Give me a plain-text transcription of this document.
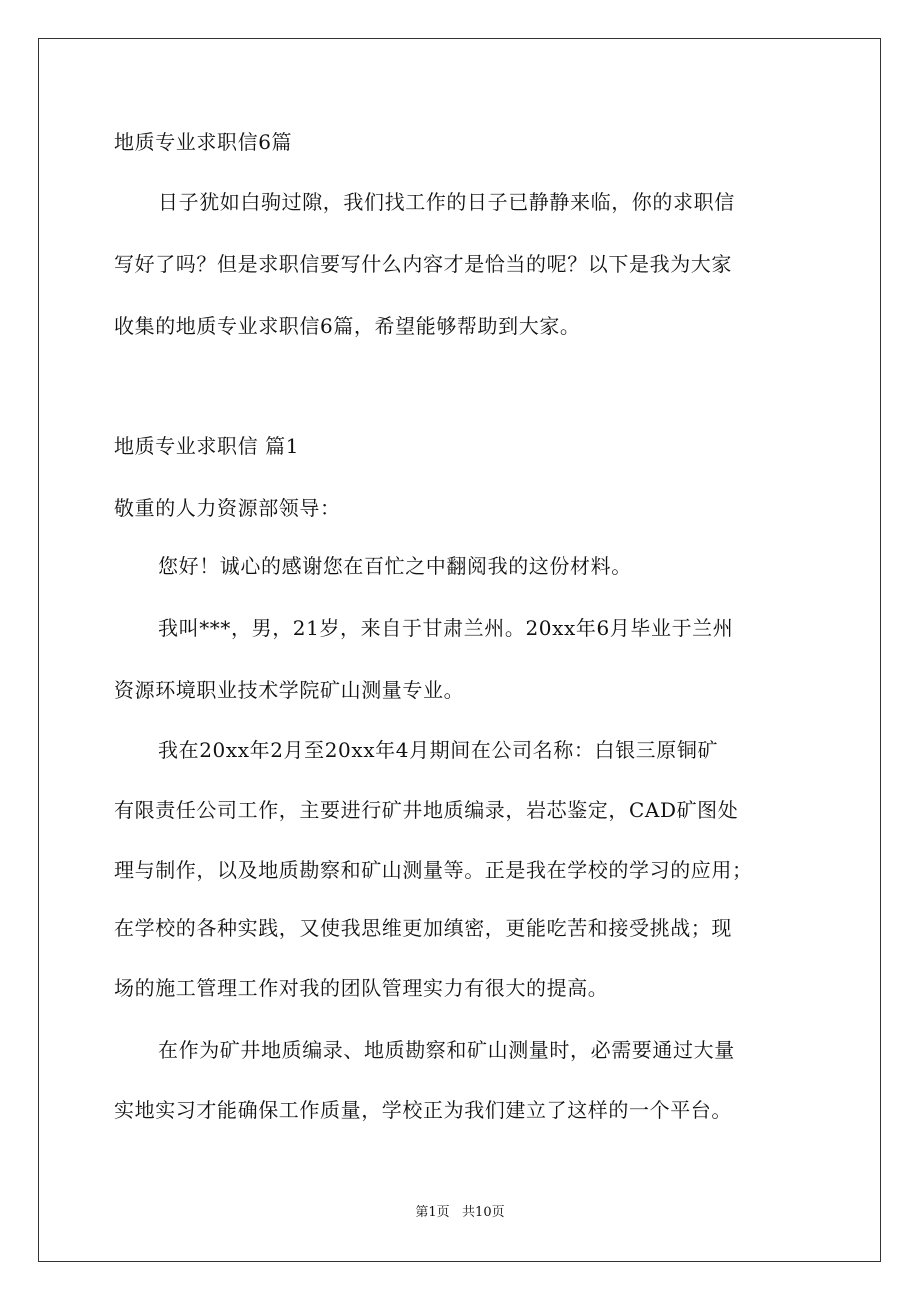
地质专业求职信6篇
日子犹如白驹过隙，我们找工作的日子已静静来临，你的求职信
写好了吗？但是求职信要写什么内容才是恰当的呢？以下是我为大家
收集的地质专业求职信6篇，希望能够帮助到大家。
地质专业求职信 篇1
敬重的人力资源部领导：
您好！诚心的感谢您在百忙之中翻阅我的这份材料。
我叫***，男，21岁，来自于甘肃兰州。20xx年6月毕业于兰州
资源环境职业技术学院矿山测量专业。
我在20xx年2月至20xx年4月期间在公司名称：白银三原铜矿
有限责任公司工作，主要进行矿井地质编录，岩芯鉴定，CAD矿图处
理与制作，以及地质勘察和矿山测量等。正是我在学校的学习的应用；
在学校的各种实践，又使我思维更加缜密，更能吃苦和接受挑战；现
场的施工管理工作对我的团队管理实力有很大的提高。
在作为矿井地质编录、地质勘察和矿山测量时，必需要通过大量
实地实习才能确保工作质量，学校正为我们建立了这样的一个平台。
第1页   共10页
